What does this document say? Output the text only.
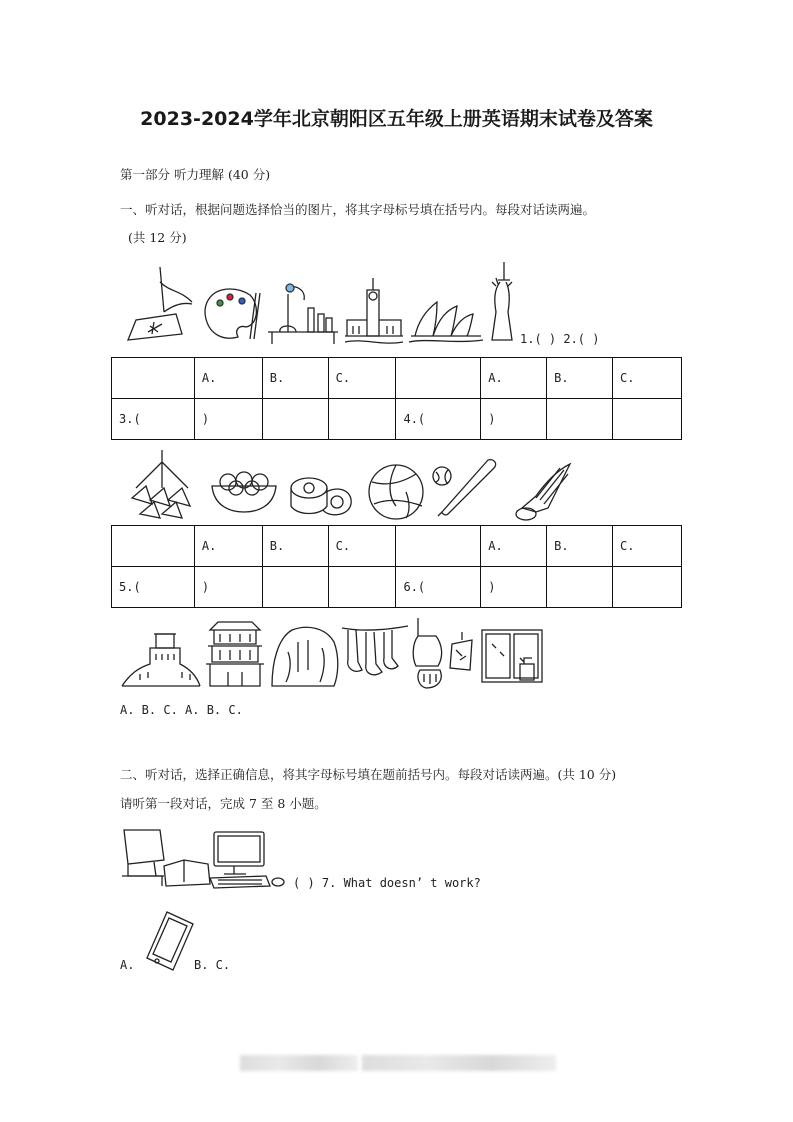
2023-2024学年北京朝阳区五年级上册英语期末试卷及答案
第一部分 听力理解 (40 分)
一、听对话，根据问题选择恰当的图片，将其字母标号填在括号内。每段对话读两遍。
(共 12 分)
1.( ) 2.( )
	A.	B.	C.		A.	B.	C.
3.(	)			4.(	)		
	A.	B.	C.		A.	B.	C.
5.(	)			6.(	)		
A. B. C. A. B. C.
二、听对话，选择正确信息，将其字母标号填在题前括号内。每段对话读两遍。(共 10 分)
请听第一段对话，完成 7 至 8 小题。
( ) 7. What doesn’ t work?
A.	B. C.
